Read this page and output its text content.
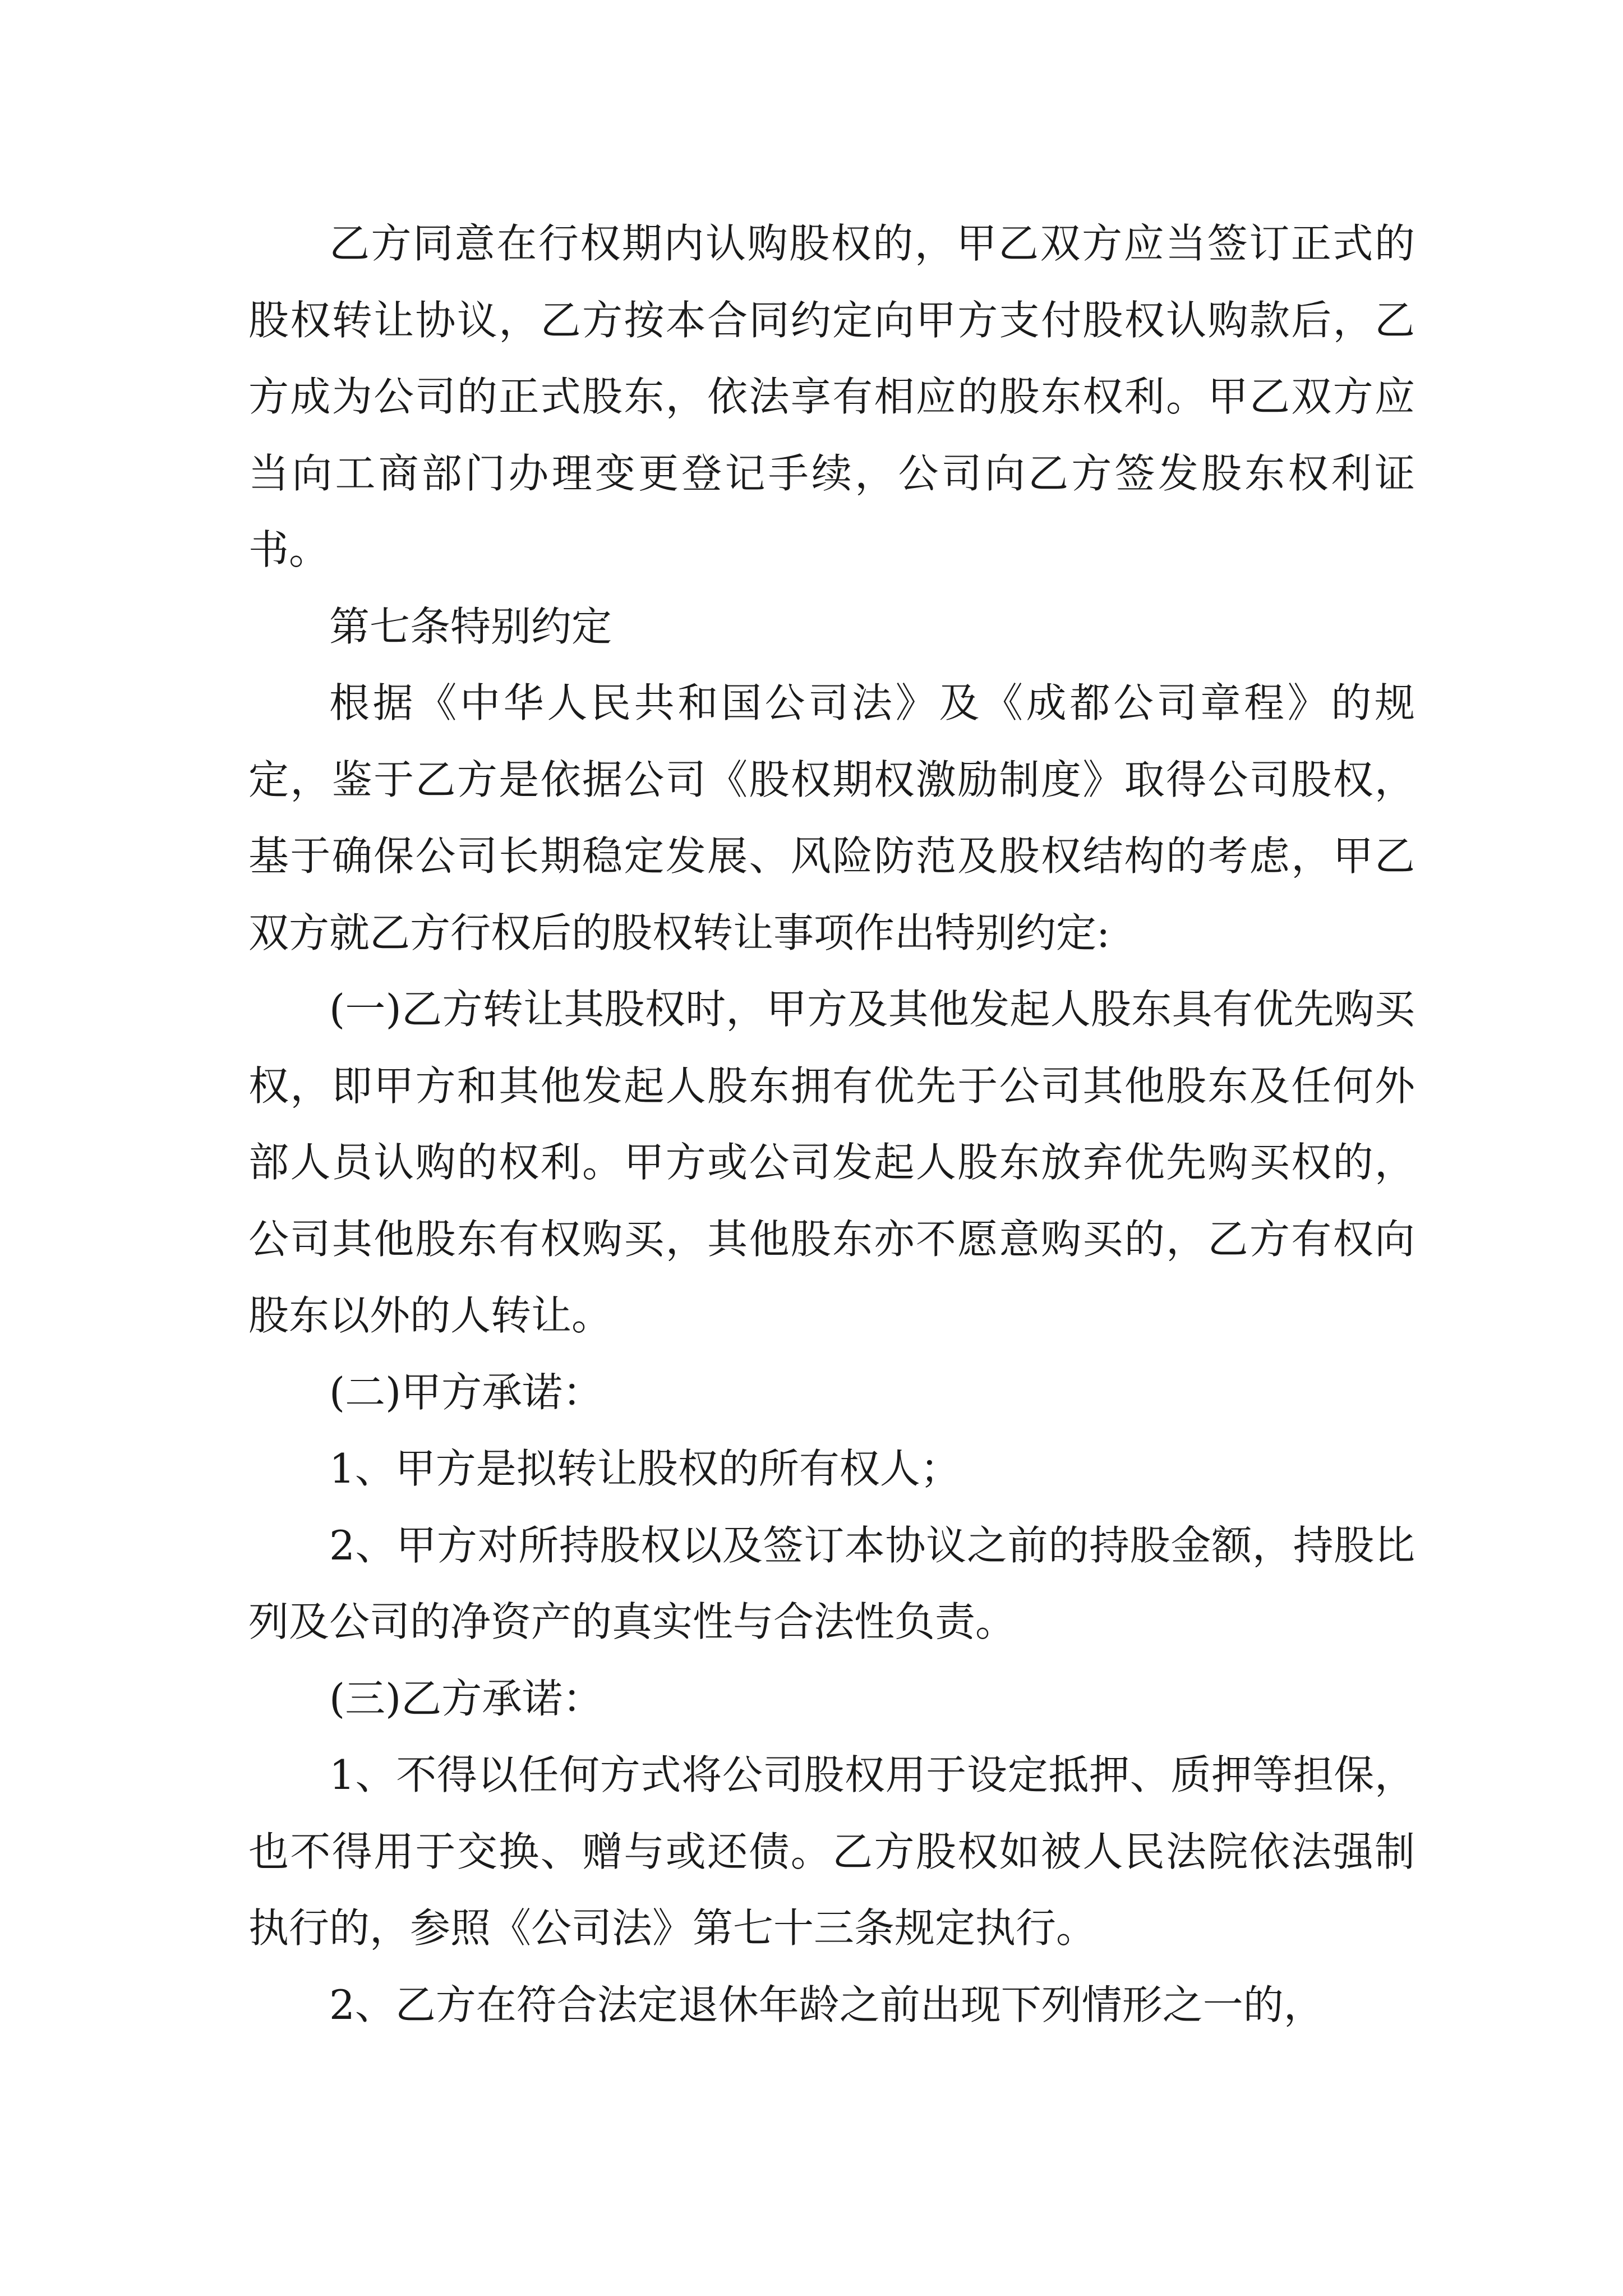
乙方同意在行权期内认购股权的，甲乙双方应当签订正式的股权转让协议，乙方按本合同约定向甲方支付股权认购款后，乙方成为公司的正式股东，依法享有相应的股东权利。甲乙双方应当向工商部门办理变更登记手续，公司向乙方签发股东权利证书。

第七条特别约定

根据《中华人民共和国公司法》及《成都公司章程》的规定，鉴于乙方是依据公司《股权期权激励制度》取得公司股权，基于确保公司长期稳定发展、风险防范及股权结构的考虑，甲乙双方就乙方行权后的股权转让事项作出特别约定:

(一)乙方转让其股权时，甲方及其他发起人股东具有优先购买权，即甲方和其他发起人股东拥有优先于公司其他股东及任何外部人员认购的权利。甲方或公司发起人股东放弃优先购买权的，公司其他股东有权购买，其他股东亦不愿意购买的，乙方有权向股东以外的人转让。

(二)甲方承诺：

1、甲方是拟转让股权的所有权人；

2、甲方对所持股权以及签订本协议之前的持股金额，持股比列及公司的净资产的真实性与合法性负责。

(三)乙方承诺：

1、不得以任何方式将公司股权用于设定抵押、质押等担保，也不得用于交换、赠与或还债。乙方股权如被人民法院依法强制执行的，参照《公司法》第七十三条规定执行。

2、乙方在符合法定退休年龄之前出现下列情形之一的，
